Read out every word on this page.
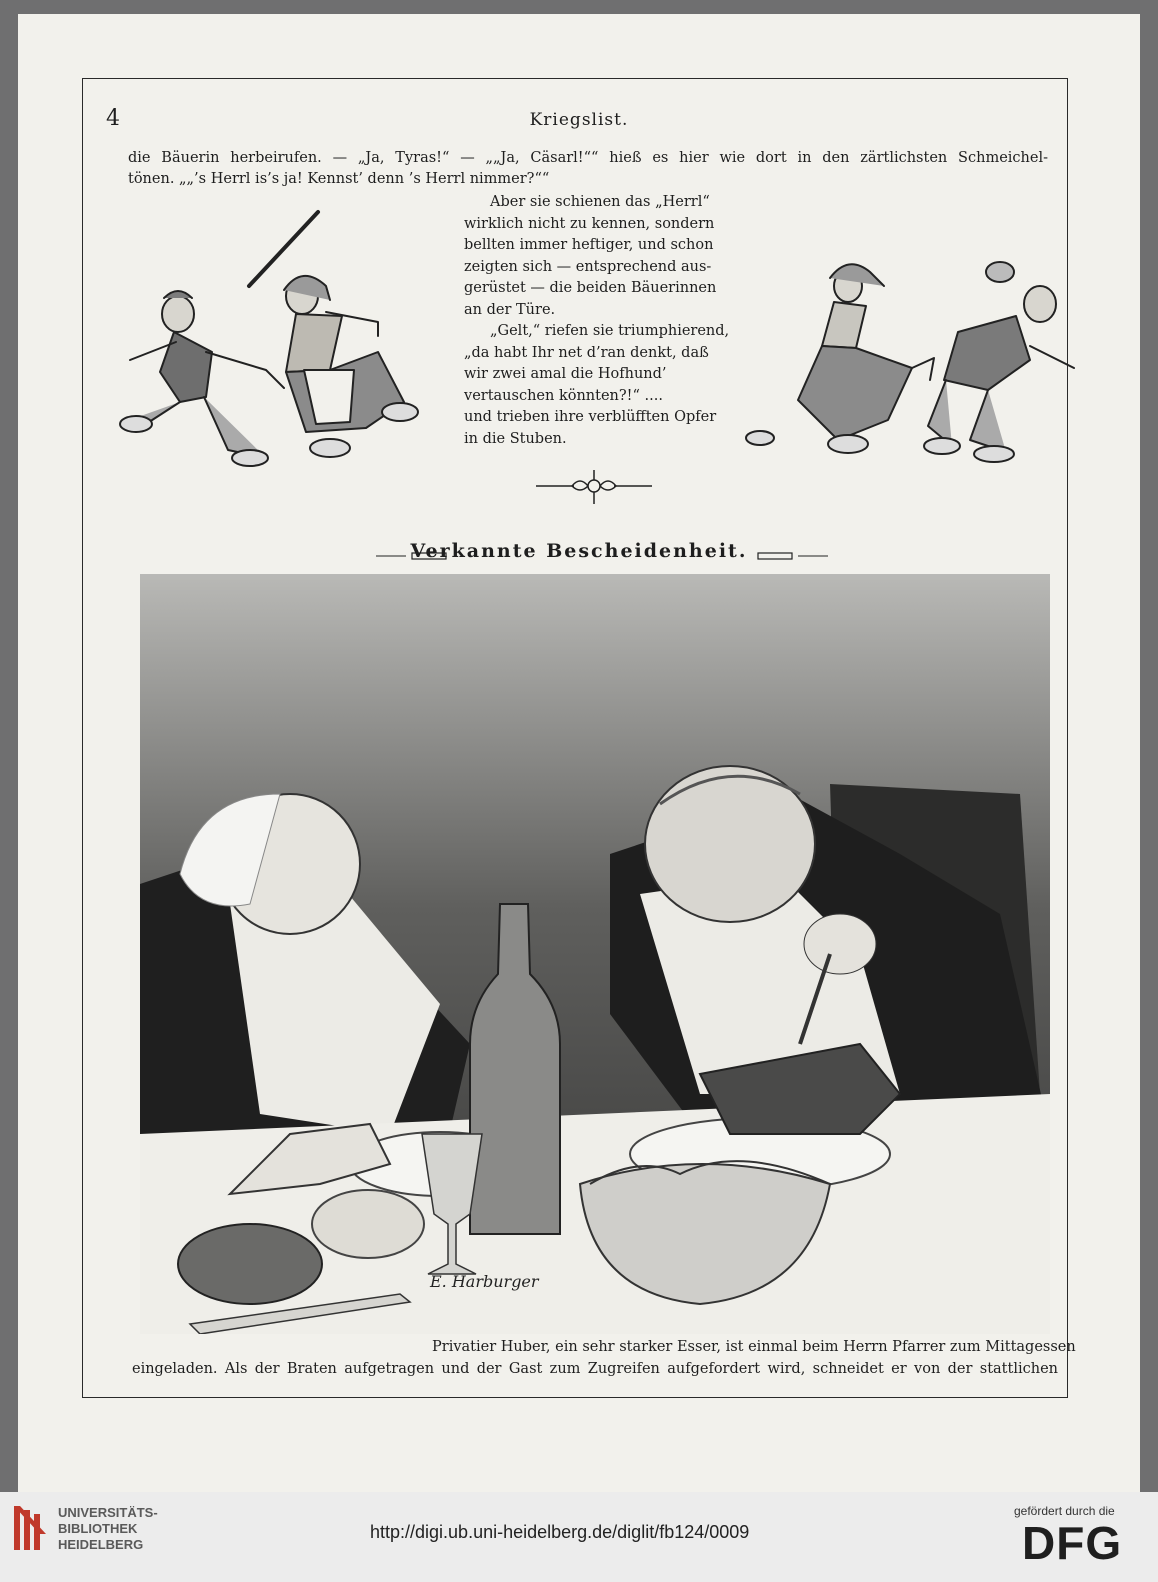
4	Kriegslist.
die Bäuerin herbeirufen. — „Ja, Tyras!“ — „„Ja, Cäsarl!““ hieß es hier wie dort in den zärtlichsten Schmeichel-
tönen. „„’s Herrl is’s ja! Kennst’ denn ’s Herrl nimmer?““

Aber sie schienen das „Herrl“

wirklich nicht zu kennen, sondern

bellten immer heftiger, und schon

zeigten sich — entsprechend aus-

gerüstet — die beiden Bäuerinnen

an der Türe.

„Gelt,“ riefen sie triumphierend,

„da habt Ihr net d’ran denkt, daß

wir zwei amal die Hofhund’

vertauschen könnten?!“ ....

und trieben ihre verblüfften Opfer

in die Stuben.

Verkannte Bescheidenheit.
E. Harburger
Privatier Huber, ein sehr starker Esser, ist einmal beim Herrn Pfarrer zum Mittagessen
eingeladen. Als der Braten aufgetragen und der Gast zum Zugreifen aufgefordert wird, schneidet er von der stattlichen
UNIVERSITÄTS-
BIBLIOTHEK
HEIDELBERG
http://digi.ub.uni-heidelberg.de/diglit/fb124/0009
gefördert durch die
DFG
